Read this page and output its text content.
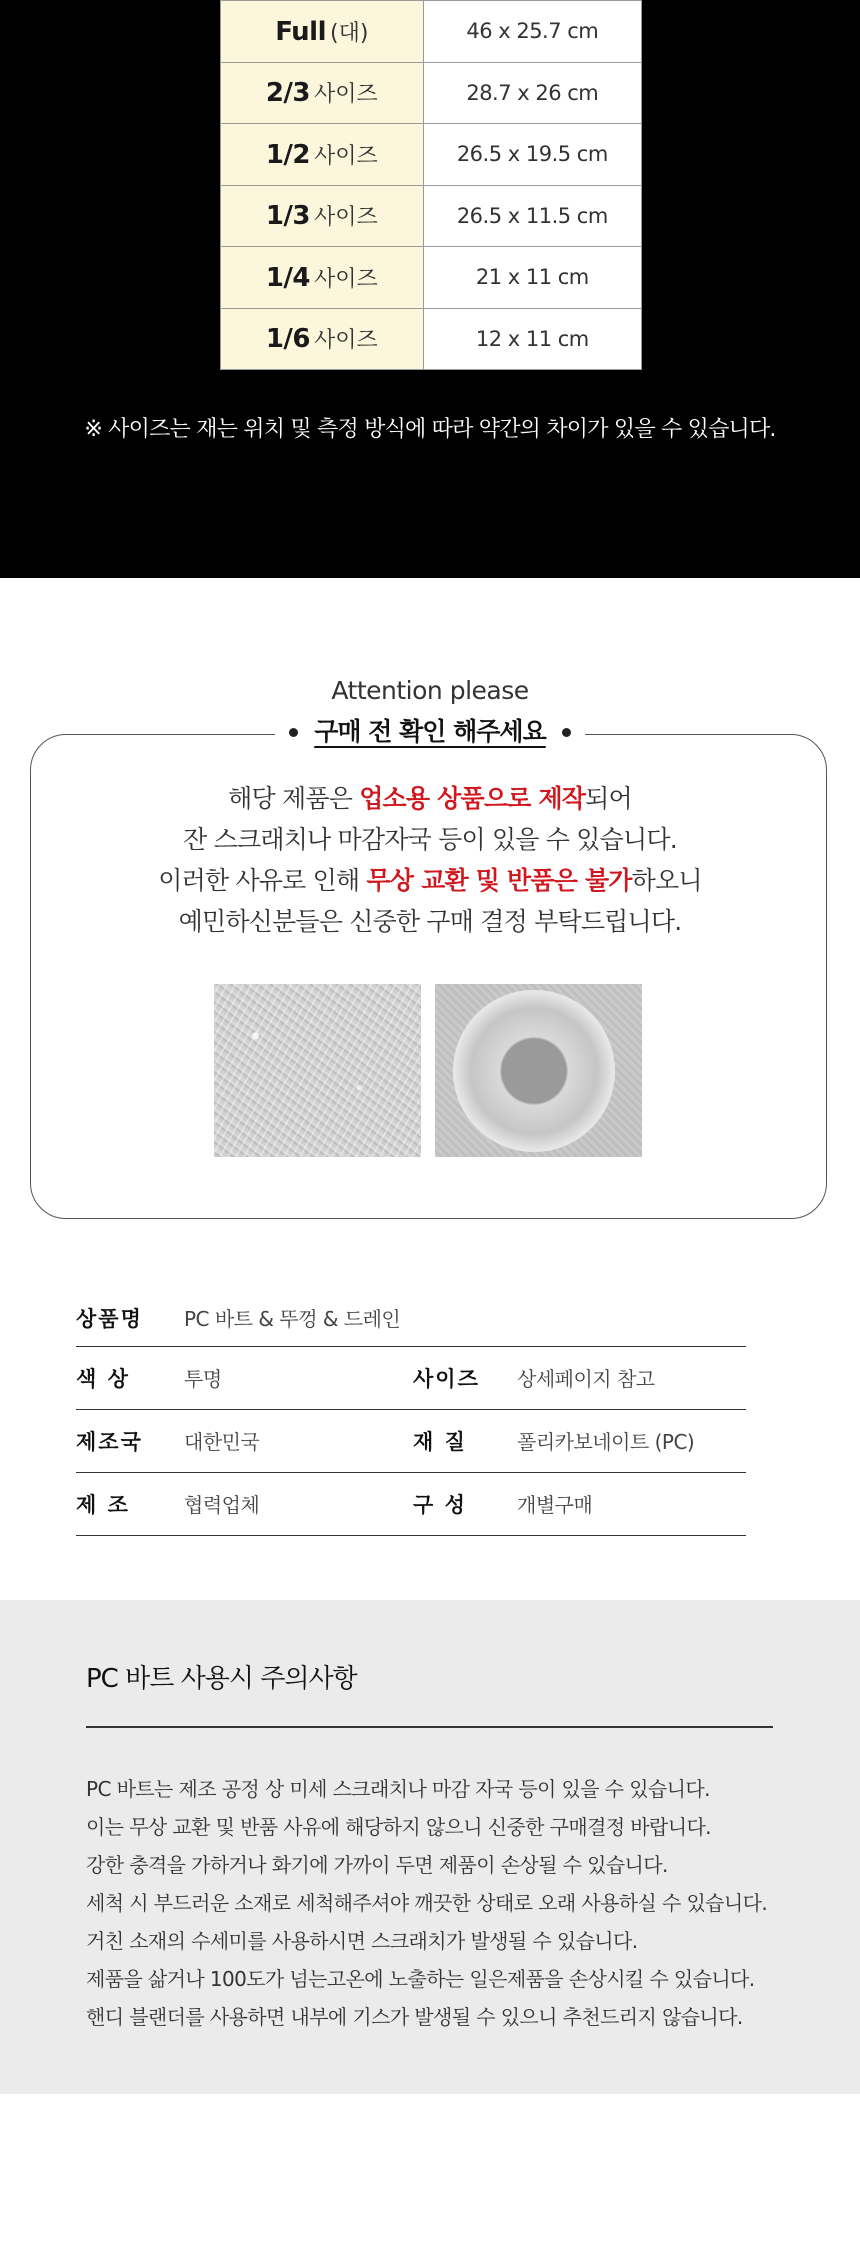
Full (대)	46 x 25.7 cm
2/3 사이즈	28.7 x 26 cm
1/2 사이즈	26.5 x 19.5 cm
1/3 사이즈	26.5 x 11.5 cm
1/4 사이즈	21 x 11 cm
1/6 사이즈	12 x 11 cm

※ 사이즈는 재는 위치 및 측정 방식에 따라 약간의 차이가 있을 수 있습니다.

Attention please

구매 전 확인 해주세요

해당 제품은 업소용 상품으로 제작되어

잔 스크래치나 마감자국 등이 있을 수 있습니다.

이러한 사유로 인해 무상 교환 및 반품은 불가하오니

예민하신분들은 신중한 구매 결정 부탁드립니다.

상품명	PC 바트 & 뚜껑 & 드레인		
색 상	투명	사이즈	상세페이지 참고
제조국	대한민국	재 질	폴리카보네이트 (PC)
제 조	협력업체	구 성	개별구매
PC 바트 사용시 주의사항
PC 바트는 제조 공정 상 미세 스크래치나 마감 자국 등이 있을 수 있습니다.
이는 무상 교환 및 반품 사유에 해당하지 않으니 신중한 구매결정 바랍니다.
강한 충격을 가하거나 화기에 가까이 두면 제품이 손상될 수 있습니다.
세척 시 부드러운 소재로 세척해주셔야 깨끗한 상태로 오래 사용하실 수 있습니다.
거친 소재의 수세미를 사용하시면 스크래치가 발생될 수 있습니다.
제품을 삶거나 100도가 넘는고온에 노출하는 일은제품을 손상시킬 수 있습니다.
핸디 블랜더를 사용하면 내부에 기스가 발생될 수 있으니 추천드리지 않습니다.
